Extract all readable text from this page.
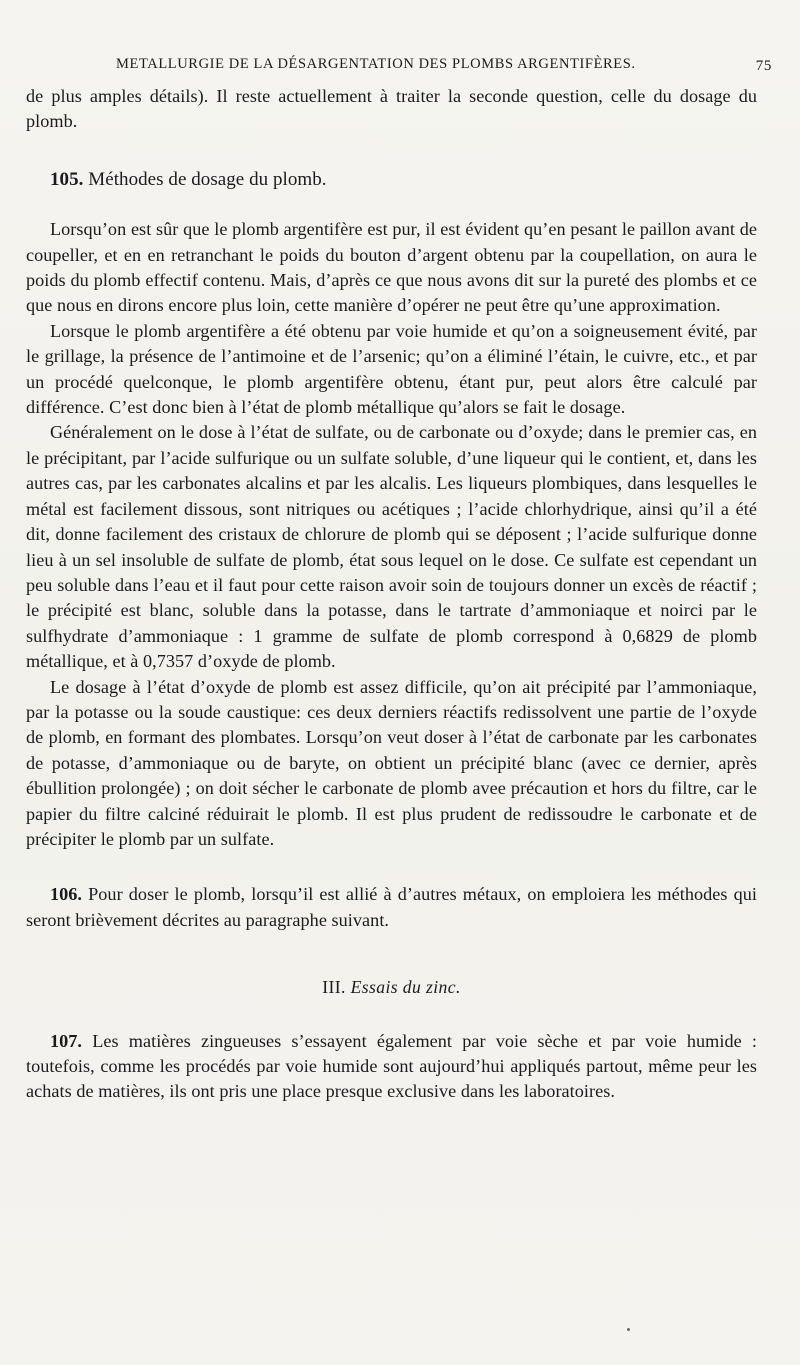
METALLURGIE DE LA DÉSARGENTATION DES PLOMBS ARGENTIFÈRES.	75

de plus amples détails). Il reste actuellement à traiter la seconde question, celle du dosage du plomb.

105. Méthodes de dosage du plomb.

Lorsqu’on est sûr que le plomb argentifère est pur, il est évident qu’en pesant le paillon avant de coupeller, et en en retranchant le poids du bouton d’argent obtenu par la coupellation, on aura le poids du plomb effectif contenu. Mais, d’après ce que nous avons dit sur la pureté des plombs et ce que nous en dirons encore plus loin, cette manière d’opérer ne peut être qu’une approximation.

Lorsque le plomb argentifère a été obtenu par voie humide et qu’on a soigneusement évité, par le grillage, la présence de l’antimoine et de l’arsenic; qu’on a éliminé l’étain, le cuivre, etc., et par un procédé quelconque, le plomb argentifère obtenu, étant pur, peut alors être calculé par différence. C’est donc bien à l’état de plomb métallique qu’alors se fait le dosage.

Généralement on le dose à l’état de sulfate, ou de carbonate ou d’oxyde; dans le premier cas, en le précipitant, par l’acide sulfurique ou un sulfate soluble, d’une liqueur qui le contient, et, dans les autres cas, par les carbonates alcalins et par les alcalis. Les liqueurs plombiques, dans lesquelles le métal est facilement dissous, sont nitriques ou acétiques ; l’acide chlorhydrique, ainsi qu’il a été dit, donne facilement des cristaux de chlorure de plomb qui se déposent ; l’acide sulfurique donne lieu à un sel insoluble de sulfate de plomb, état sous lequel on le dose. Ce sulfate est cependant un peu soluble dans l’eau et il faut pour cette raison avoir soin de toujours donner un excès de réactif ; le précipité est blanc, soluble dans la potasse, dans le tartrate d’ammoniaque et noirci par le sulfhydrate d’ammoniaque : 1 gramme de sulfate de plomb correspond à 0,6829 de plomb métallique, et à 0,7357 d’oxyde de plomb.

Le dosage à l’état d’oxyde de plomb est assez difficile, qu’on ait précipité par l’ammoniaque, par la potasse ou la soude caustique: ces deux derniers réactifs redissolvent une partie de l’oxyde de plomb, en formant des plombates. Lorsqu’on veut doser à l’état de carbonate par les carbonates de potasse, d’ammoniaque ou de baryte, on obtient un précipité blanc (avec ce dernier, après ébullition prolongée) ; on doit sécher le carbonate de plomb avee précaution et hors du filtre, car le papier du filtre calciné réduirait le plomb. Il est plus prudent de redissoudre le carbonate et de précipiter le plomb par un sulfate.

106. Pour doser le plomb, lorsqu’il est allié à d’autres métaux, on emploiera les méthodes qui seront brièvement décrites au paragraphe suivant.

III. Essais du zinc.

107. Les matières zingueuses s’essayent également par voie sèche et par voie humide : toutefois, comme les procédés par voie humide sont aujourd’hui appliqués partout, même peur les achats de matières, ils ont pris une place presque exclusive dans les laboratoires.
